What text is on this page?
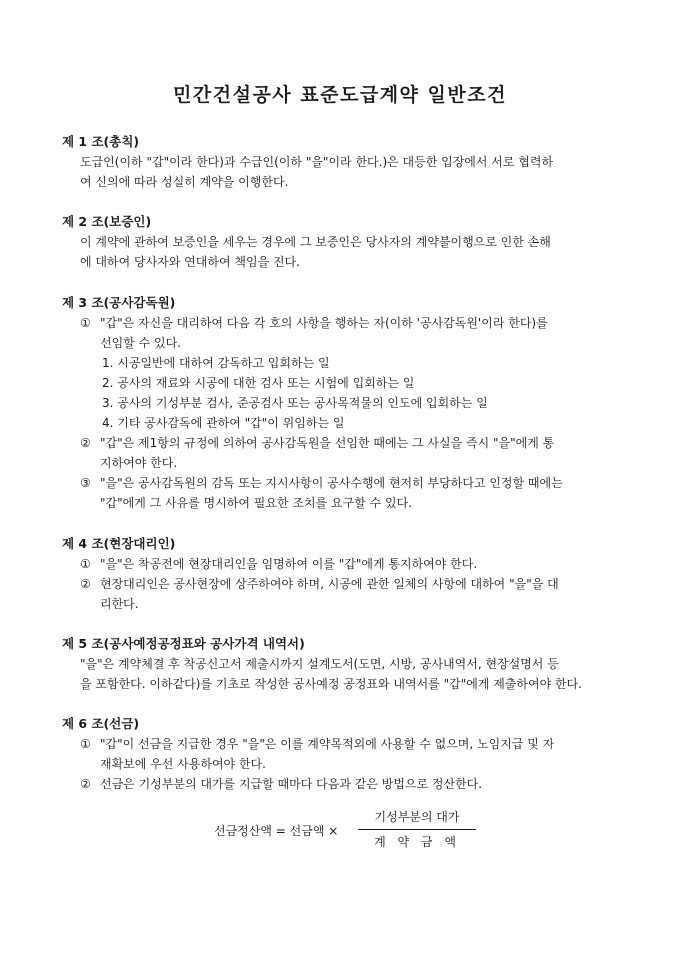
민간건설공사 표준도급계약 일반조건
제 1 조(총칙)
도급인(이하 "갑"이라 한다)과 수급인(이하 "을"이라 한다.)은 대등한 입장에서 서로 협력하
여 신의에 따라 성실히 계약을 이행한다.
제 2 조(보증인)
이 계약에 관하여 보증인을 세우는 경우에 그 보증인은 당사자의 계약불이행으로 인한 손해
에 대하여 당사자와 연대하여 책임을 진다.
제 3 조(공사감독원)
① "갑"은 자신을 대리하여 다음 각 호의 사항을 행하는 자(이하 '공사감독원'이라 한다)를
선임할 수 있다.
1. 시공일반에 대하여 감독하고 입회하는 일
2. 공사의 재료와 시공에 대한 검사 또는 시험에 입회하는 일
3. 공사의 기성부분 검사, 준공검사 또는 공사목적물의 인도에 입회하는 일
4. 기타 공사감독에 관하여 "갑"이 위임하는 일
② "갑"은 제1항의 규정에 의하여 공사감독원을 선임한 때에는 그 사실을 즉시 "을"에게 통
지하여야 한다.
③ "을"은 공사감독원의 감독 또는 지시사항이 공사수행에 현저히 부당하다고 인정할 때에는
"갑"에게 그 사유를 명시하여 필요한 조치를 요구할 수 있다.
제 4 조(현장대리인)
① "을"은 착공전에 현장대리인을 임명하여 이를 "갑"에게 통지하여야 한다.
② 현장대리인은 공사현장에 상주하여야 하며, 시공에 관한 일체의 사항에 대하여 "을"을 대
리한다.
제 5 조(공사예정공정표와 공사가격 내역서)
"을"은 계약체결 후 착공신고서 제출시까지 설계도서(도면, 시방, 공사내역서, 현장설명서 등
을 포함한다. 이하같다)를 기초로 작성한 공사예정 공정표와 내역서를 "갑"에게 제출하여야 한다.
제 6 조(선금)
① "갑"이 선금을 지급한 경우 "을"은 이를 계약목적외에 사용할 수 없으며, 노임지급 및 자
재확보에 우선 사용하여야 한다.
② 선금은 기성부분의 대가를 지급할 때마다 다음과 같은 방법으로 정산한다.
선금정산액 = 선금액 ×
기성부분의 대가
계 약 금 액
